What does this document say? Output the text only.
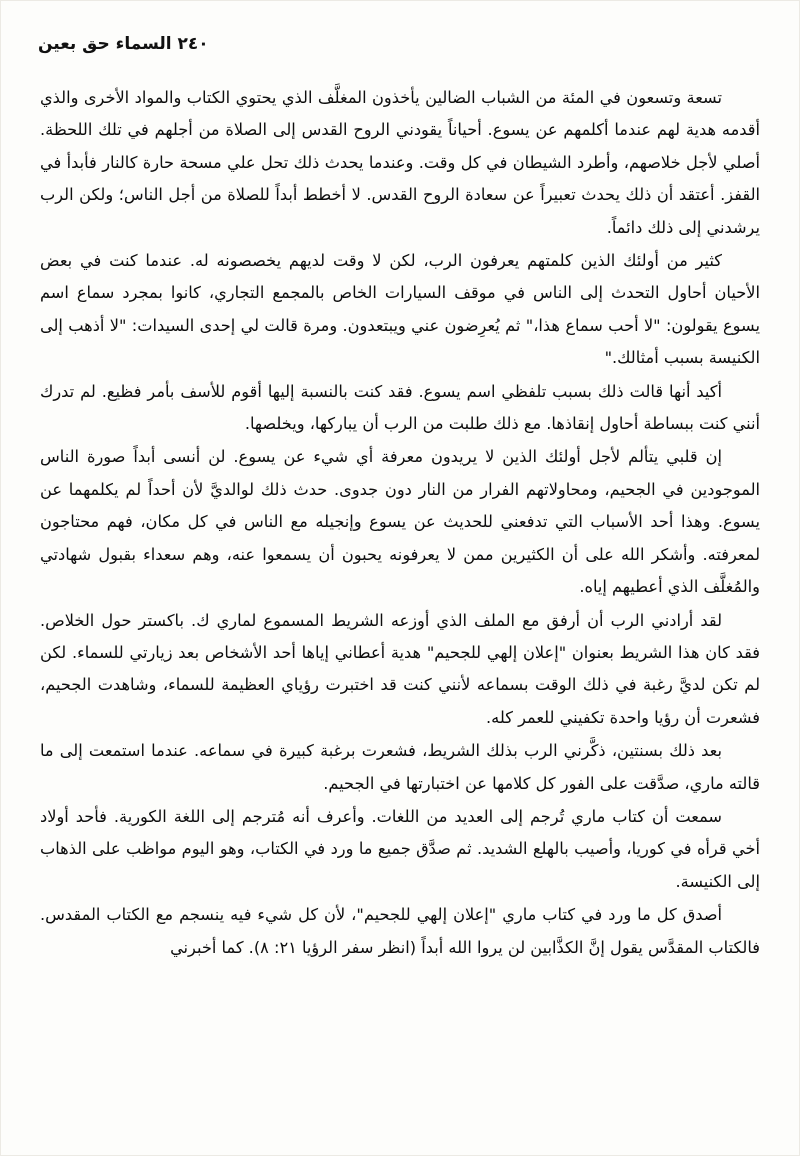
٢٤٠ السماء حق بعين

تسعة وتسعون في المئة من الشباب الضالين يأخذون المغلَّف الذي يحتوي الكتاب والمواد الأخرى والذي أقدمه هدية لهم عندما أكلمهم عن يسوع. أحياناً يقودني الروح القدس إلى الصلاة من أجلهم في تلك اللحظة. أصلي لأجل خلاصهم، وأطرد الشيطان في كل وقت. وعندما يحدث ذلك تحل علي مسحة حارة كالنار فأبدأ في القفز. أعتقد أن ذلك يحدث تعبيراً عن سعادة الروح القدس. لا أخطط أبداً للصلاة من أجل الناس؛ ولكن الرب يرشدني إلى ذلك دائماً.

كثير من أولئك الذين كلمتهم يعرفون الرب، لكن لا وقت لديهم يخصصونه له. عندما كنت في بعض الأحيان أحاول التحدث إلى الناس في موقف السيارات الخاص بالمجمع التجاري، كانوا بمجرد سماع اسم يسوع يقولون: "لا أحب سماع هذا،" ثم يُعرِضون عني ويبتعدون. ومرة قالت لي إحدى السيدات: "لا أذهب إلى الكنيسة بسبب أمثالك."

أكيد أنها قالت ذلك بسبب تلفظي اسم يسوع. فقد كنت بالنسبة إليها أقوم للأسف بأمر فظيع. لم تدرك أنني كنت ببساطة أحاول إنقاذها. مع ذلك طلبت من الرب أن يباركها، ويخلصها.

إن قلبي يتألم لأجل أولئك الذين لا يريدون معرفة أي شيء عن يسوع. لن أنسى أبداً صورة الناس الموجودين في الجحيم، ومحاولاتهم الفرار من النار دون جدوى. حدث ذلك لوالديَّ لأن أحداً لم يكلمهما عن يسوع. وهذا أحد الأسباب التي تدفعني للحديث عن يسوع وإنجيله مع الناس في كل مكان، فهم محتاجون لمعرفته. وأشكر الله على أن الكثيرين ممن لا يعرفونه يحبون أن يسمعوا عنه، وهم سعداء بقبول شهادتي والمُغلَّف الذي أعطيهم إياه.

لقد أرادني الرب أن أرفق مع الملف الذي أوزعه الشريط المسموع لماري ك. باكستر حول الخلاص. فقد كان هذا الشريط بعنوان "إعلان إلهي للجحيم" هدية أعطاني إياها أحد الأشخاص بعد زيارتي للسماء. لكن لم تكن لديَّ رغبة في ذلك الوقت بسماعه لأنني كنت قد اختبرت رؤياي العظيمة للسماء، وشاهدت الجحيم، فشعرت أن رؤيا واحدة تكفيني للعمر كله.

بعد ذلك بسنتين، ذكَّرني الرب بذلك الشريط، فشعرت برغبة كبيرة في سماعه. عندما استمعت إلى ما قالته ماري، صدَّقت على الفور كل كلامها عن اختبارتها في الجحيم.

سمعت أن كتاب ماري تُرجم إلى العديد من اللغات. وأعرف أنه مُترجم إلى اللغة الكورية. فأحد أولاد أخي قرأه في كوريا، وأصيب بالهلع الشديد. ثم صدَّق جميع ما ورد في الكتاب، وهو اليوم مواظب على الذهاب إلى الكنيسة.

أصدق كل ما ورد في كتاب ماري "إعلان إلهي للجحيم"، لأن كل شيء فيه ينسجم مع الكتاب المقدس. فالكتاب المقدَّس يقول إنَّ الكذَّابين لن يروا الله أبداً (انظر سفر الرؤيا ٢١: ٨). كما أخبرني
